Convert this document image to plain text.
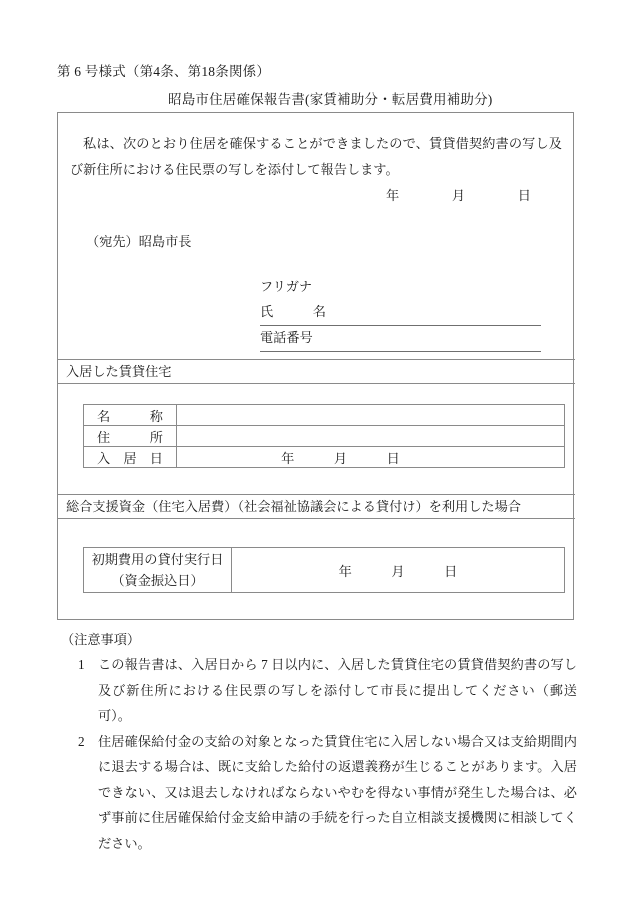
第 6 号様式（第4条、第18条関係）
昭島市住居確保報告書(家賃補助分・転居費用補助分)
私は、次のとおり住居を確保することができましたので、賃貸借契約書の写し及び新住所における住民票の写しを添付して報告します。
年　　　　月　　　　日
（宛先）昭島市長
フリガナ
氏　　　名
電話番号
入居した賃貸住宅
名　　　称	
住　　　所	
入　居　日	年　　　月　　　日
総合支援資金（住宅入居費）（社会福祉協議会による貸付け）を利用した場合
初期費用の貸付実行日
（資金振込日）
	年　　　月　　　日
（注意事項）
1 この報告書は、入居日から 7 日以内に、入居した賃貸住宅の賃貸借契約書の写し及び新住所における住民票の写しを添付して市長に提出してください（郵送可）。
2 住居確保給付金の支給の対象となった賃貸住宅に入居しない場合又は支給期間内に退去する場合は、既に支給した給付の返還義務が生じることがあります。入居できない、又は退去しなければならないやむを得ない事情が発生した場合は、必ず事前に住居確保給付金支給申請の手続を行った自立相談支援機関に相談してください。
